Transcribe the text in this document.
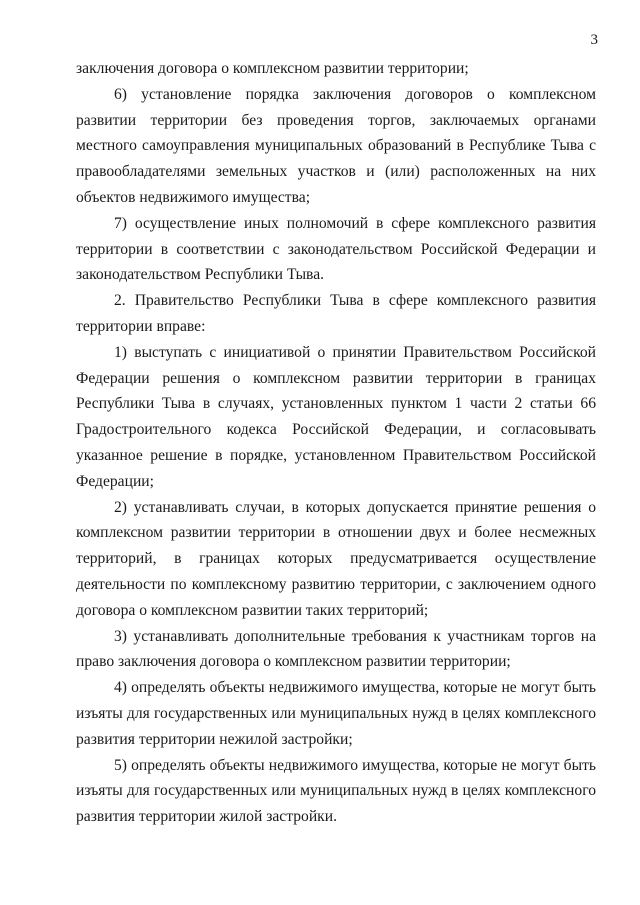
3

заключения договора о комплексном развитии территории;

6) установление порядка заключения договоров о комплексном развитии территории без проведения торгов, заключаемых органами местного самоуправления муниципальных образований в Республике Тыва с правообладателями земельных участков и (или) расположенных на них объектов недвижимого имущества;

7) осуществление иных полномочий в сфере комплексного развития территории в соответствии с законодательством Российской Федерации и законодательством Республики Тыва.

2. Правительство Республики Тыва в сфере комплексного развития территории вправе:

1) выступать с инициативой о принятии Правительством Российской Федерации решения о комплексном развитии территории в границах Республики Тыва в случаях, установленных пунктом 1 части 2 статьи 66 Градостроительного кодекса Российской Федерации, и согласовывать указанное решение в порядке, установленном Правительством Российской Федерации;

2) устанавливать случаи, в которых допускается принятие решения о комплексном развитии территории в отношении двух и более несмежных территорий, в границах которых предусматривается осуществление деятельности по комплексному развитию территории, с заключением одного договора о комплексном развитии таких территорий;

3) устанавливать дополнительные требования к участникам торгов на право заключения договора о комплексном развитии территории;

4) определять объекты недвижимого имущества, которые не могут быть изъяты для государственных или муниципальных нужд в целях комплексного развития территории нежилой застройки;

5) определять объекты недвижимого имущества, которые не могут быть изъяты для государственных или муниципальных нужд в целях комплексного развития территории жилой застройки.
